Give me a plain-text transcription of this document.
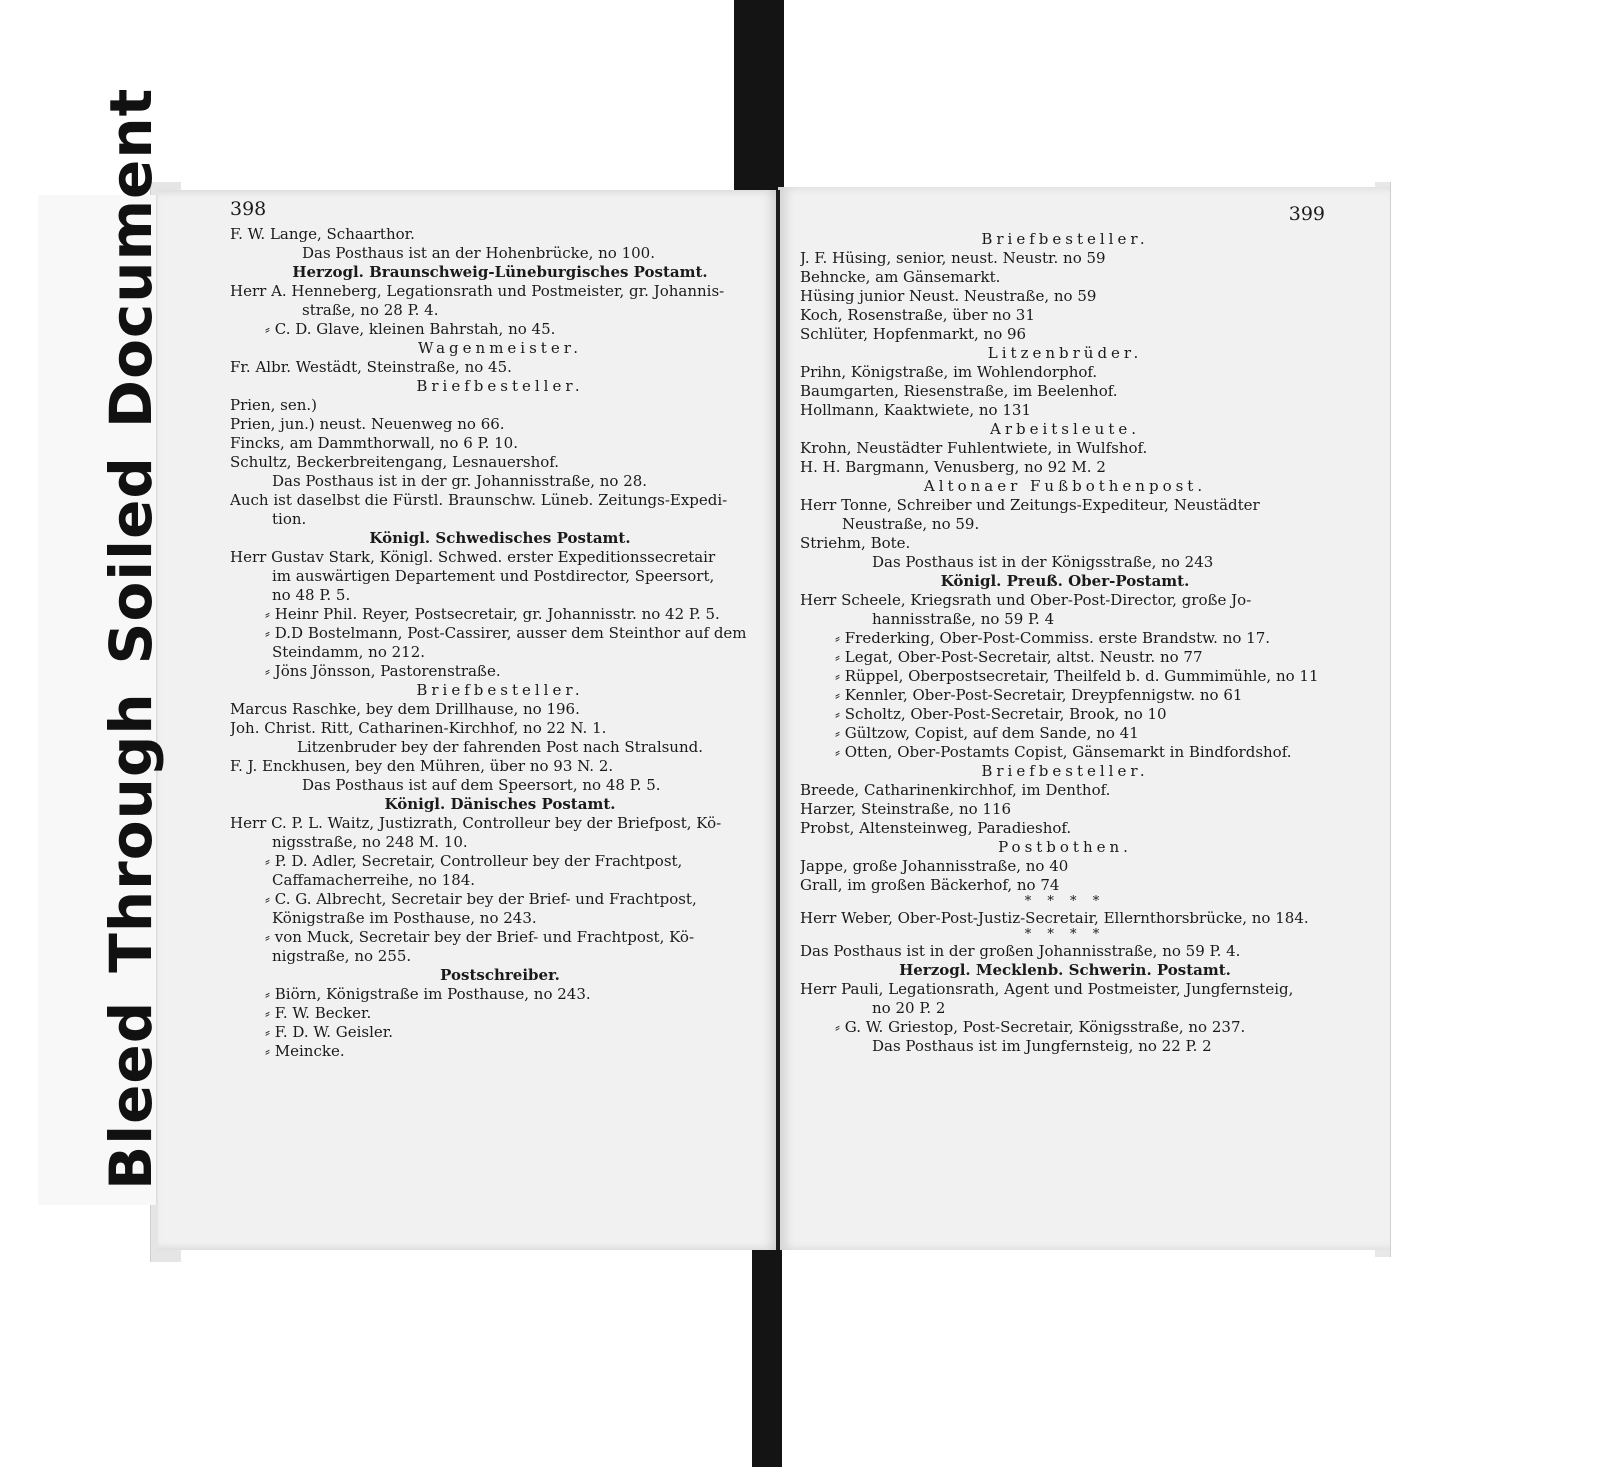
BleedThroughSoiledDocument	398
F. W. Lange, Schaarthor.
Das Posthaus ist an der Hohenbrücke, no 100.
Herzogl. Braunschweig-Lüneburgisches Postamt.
Herr A. Henneberg, Legationsrath und Postmeister, gr. Johannis-
straße, no 28 P. 4.
⸗ C. D. Glave, kleinen Bahrstah, no 45.
Wagenmeister.
Fr. Albr. Westädt, Steinstraße, no 45.
Briefbesteller.
Prien, sen.)
Prien, jun.) neust. Neuenweg no 66.
Fincks, am Dammthorwall, no 6 P. 10.
Schultz, Beckerbreitengang, Lesnauershof.
Das Posthaus ist in der gr. Johannisstraße, no 28.
Auch ist daselbst die Fürstl. Braunschw. Lüneb. Zeitungs-Expedi-
tion.
Königl. Schwedisches Postamt.
Herr Gustav Stark, Königl. Schwed. erster Expeditionssecretair
im auswärtigen Departement und Postdirector, Speersort,
no 48 P. 5.
⸗ Heinr Phil. Reyer, Postsecretair, gr. Johannisstr. no 42 P. 5.
⸗ D.D Bostelmann, Post-Cassirer, ausser dem Steinthor auf dem
Steindamm, no 212.
⸗ Jöns Jönsson, Pastorenstraße.
Briefbesteller.
Marcus Raschke, bey dem Drillhause, no 196.
Joh. Christ. Ritt, Catharinen-Kirchhof, no 22 N. 1.
Litzenbruder bey der fahrenden Post nach Stralsund.
F. J. Enckhusen, bey den Mühren, über no 93 N. 2.
Das Posthaus ist auf dem Speersort, no 48 P. 5.
Königl. Dänisches Postamt.
Herr C. P. L. Waitz, Justizrath, Controlleur bey der Briefpost, Kö-
nigsstraße, no 248 M. 10.
⸗ P. D. Adler, Secretair, Controlleur bey der Frachtpost,
Caffamacherreihe, no 184.
⸗ C. G. Albrecht, Secretair bey der Brief- und Frachtpost,
Königstraße im Posthause, no 243.
⸗ von Muck, Secretair bey der Brief- und Frachtpost, Kö-
nigstraße, no 255.
Postschreiber.
⸗ Biörn, Königstraße im Posthause, no 243.
⸗ F. W. Becker.
⸗ F. D. W. Geisler.
⸗ Meincke.
399
Briefbesteller.
J. F. Hüsing, senior, neust. Neustr. no 59
Behncke, am Gänsemarkt.
Hüsing junior Neust. Neustraße, no 59
Koch, Rosenstraße, über no 31
Schlüter, Hopfenmarkt, no 96
Litzenbrüder.
Prihn, Königstraße, im Wohlendorphof.
Baumgarten, Riesenstraße, im Beelenhof.
Hollmann, Kaaktwiete, no 131
Arbeitsleute.
Krohn, Neustädter Fuhlentwiete, in Wulfshof.
H. H. Bargmann, Venusberg, no 92 M. 2
Altonaer Fußbothenpost.
Herr Tonne, Schreiber und Zeitungs-Expediteur, Neustädter
Neustraße, no 59.
Striehm, Bote.
Das Posthaus ist in der Königsstraße, no 243
Königl. Preuß. Ober-Postamt.
Herr Scheele, Kriegsrath und Ober-Post-Director, große Jo-
hannisstraße, no 59 P. 4
⸗ Frederking, Ober-Post-Commiss. erste Brandstw. no 17.
⸗ Legat, Ober-Post-Secretair, altst. Neustr. no 77
⸗ Rüppel, Oberpostsecretair, Theilfeld b. d. Gummimühle, no 11
⸗ Kennler, Ober-Post-Secretair, Dreypfennigstw. no 61
⸗ Scholtz, Ober-Post-Secretair, Brook, no 10
⸗ Gültzow, Copist, auf dem Sande, no 41
⸗ Otten, Ober-Postamts Copist, Gänsemarkt in Bindfordshof.
Briefbesteller.
Breede, Catharinenkirchhof, im Denthof.
Harzer, Steinstraße, no 116
Probst, Altensteinweg, Paradieshof.
Postbothen.
Jappe, große Johannisstraße, no 40
Grall, im großen Bäckerhof, no 74
* * * *
Herr Weber, Ober-Post-Justiz-Secretair, Ellernthorsbrücke, no 184.
* * * *
Das Posthaus ist in der großen Johannisstraße, no 59 P. 4.
Herzogl. Mecklenb. Schwerin. Postamt.
Herr Pauli, Legationsrath, Agent und Postmeister, Jungfernsteig,
no 20 P. 2
⸗ G. W. Griestop, Post-Secretair, Königsstraße, no 237.
Das Posthaus ist im Jungfernsteig, no 22 P. 2
